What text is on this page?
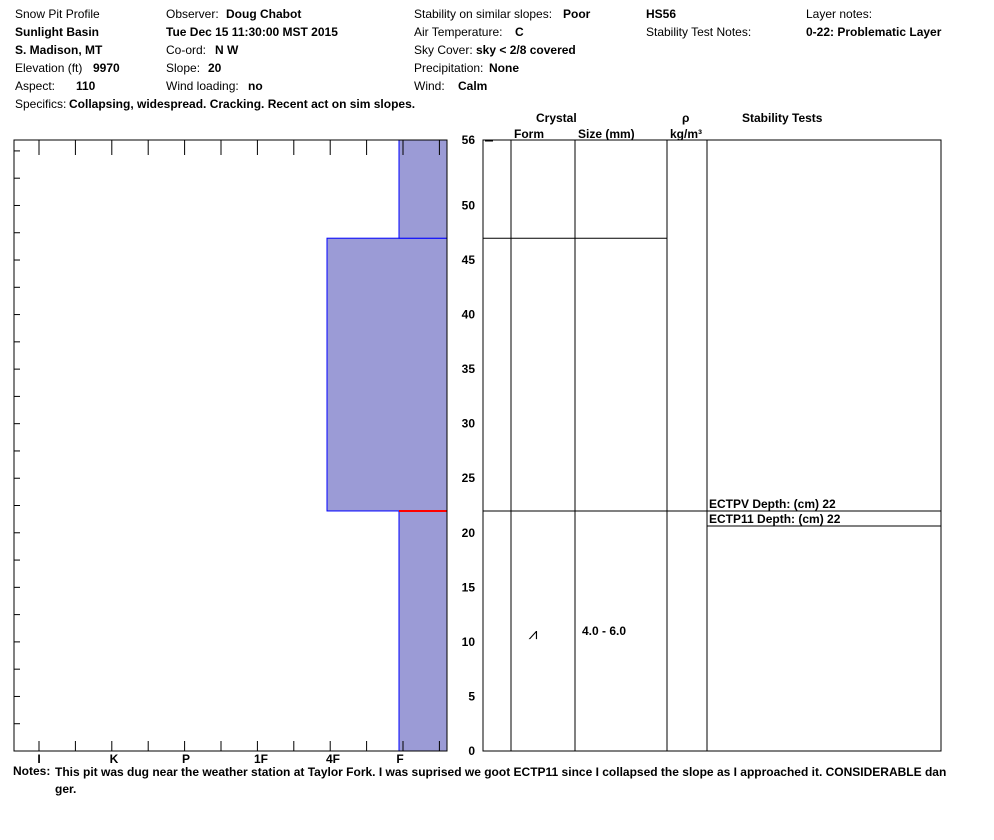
Snow Pit Profile
Sunlight Basin
S. Madison, MT
Elevation (ft) 9970
Aspect: 110
Specifics: Collapsing, widespread. Cracking. Recent act on sim slopes.
Observer: Doug Chabot
Tue Dec 15 11:30:00 MST 2015
Co-ord: N W
Slope: 20
Wind loading: no
Stability on similar slopes: Poor
Air Temperature: C
Sky Cover: sky < 2/8 covered
Precipitation: None
Wind: Calm
HS56
Stability Test Notes:
Layer notes:
0-22: Problematic Layer
Crystal
Form	Size (mm)
ρ
kg/m³
Stability Tests
I	K	P	1F	4F	F
0
5
10
15
20
25
30
35
40
45
50
56
⩘	4.0 - 6.0
ECTPV Depth: (cm) 22
ECTP11 Depth: (cm) 22
Notes: This pit was dug near the weather station at Taylor Fork. I was suprised we goot ECTP11 since I collapsed the slope as I approached it. CONSIDERABLE danger.
